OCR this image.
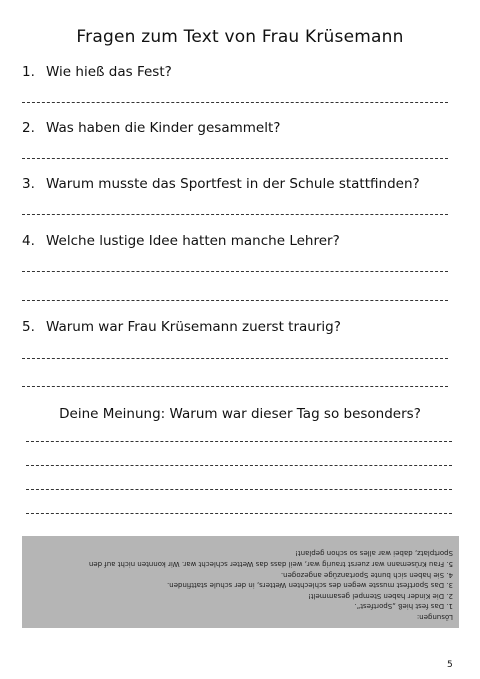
Fragen zum Text von Frau Krüsemann
1. Wie hieß das Fest?
2. Was haben die Kinder gesammelt?
3. Warum musste das Sportfest in der Schule stattfinden?
4. Welche lustige Idee hatten manche Lehrer?
5. Warum war Frau Krüsemann zuerst traurig?
Deine Meinung: Warum war dieser Tag so besonders?
Lösungen:
1. Das fest hieß „Sportfest“.
2. Die Kinder haben Stempel gesammelt!
3. Das Sportfest musste wegen des schlechten Wetters, in der schule stattfinden.
4. Sie haben sich bunte Sportanzüge angezogen.
5. Frau Krüsemann war zuerst traurig war, weil dass das Wetter schlecht war. Wir konnten nicht auf den
Sportplatz, dabei war alles so schon geplant!
5
